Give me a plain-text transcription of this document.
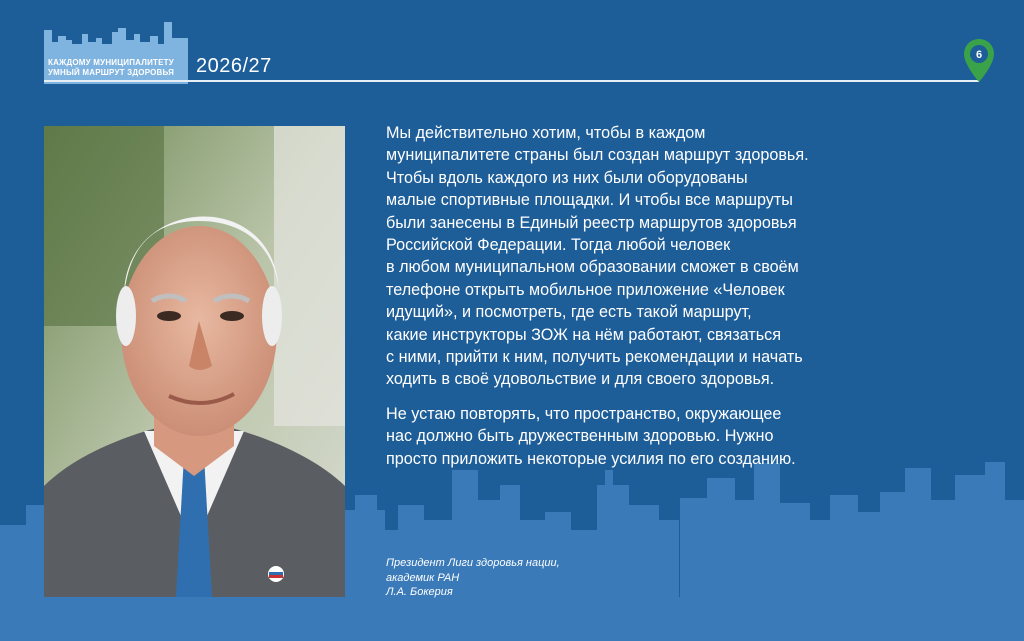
КАЖДОМУ МУНИЦИПАЛИТЕТУ
УМНЫЙ МАРШРУТ ЗДОРОВЬЯ 2026/27	6

Мы действительно хотим, чтобы в каждом
муниципалитете страны был создан маршрут здоровья.
Чтобы вдоль каждого из них были оборудованы
малые спортивные площадки. И чтобы все маршруты
были занесены в Единый реестр маршрутов здоровья
Российской Федерации. Тогда любой человек
в любом муниципальном образовании сможет в своём
телефоне открыть мобильное приложение «Человек
идущий», и посмотреть, где есть такой маршрут,
какие инструкторы ЗОЖ на нём работают, связаться
с ними, прийти к ним, получить рекомендации и начать
ходить в своё удовольствие и для своего здоровья.

Не устаю повторять, что пространство, окружающее
нас должно быть дружественным здоровью. Нужно
просто приложить некоторые усилия по его созданию.

Президент Лиги здоровья нации,
академик РАН
Л.А. Бокерия
